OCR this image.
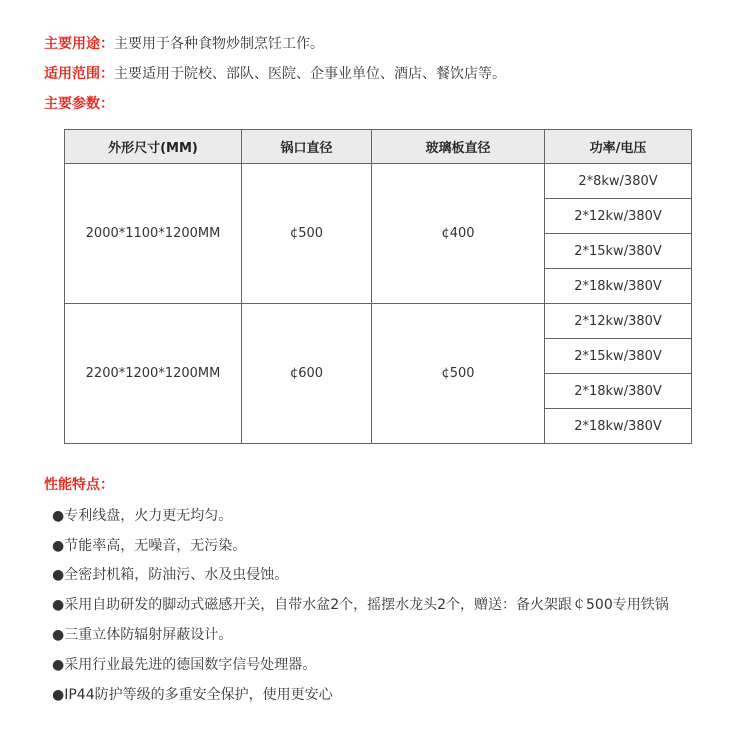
主要用途：主要用于各种食物炒制烹饪工作。
适用范围：主要适用于院校、部队、医院、企事业单位、酒店、餐饮店等。
主要参数：
外形尺寸(MM)	锅口直径	玻璃板直径	功率/电压
2000*1100*1200MM	¢500	¢400	2*8kw/380V
			2*12kw/380V
			2*15kw/380V
			2*18kw/380V
2200*1200*1200MM	¢600	¢500	2*12kw/380V
			2*15kw/380V
			2*18kw/380V
			2*18kw/380V
性能特点：
●专利线盘，火力更无均匀。
●节能率高，无噪音，无污染。
●全密封机箱，防油污、水及虫侵蚀。
●采用自助研发的脚动式磁感开关，自带水盆2个，摇摆水龙头2个，赠送：备火架跟￠500专用铁锅
●三重立体防辐射屏蔽设计。
●采用行业最先进的德国数字信号处理器。
●IP44防护等级的多重安全保护，使用更安心
